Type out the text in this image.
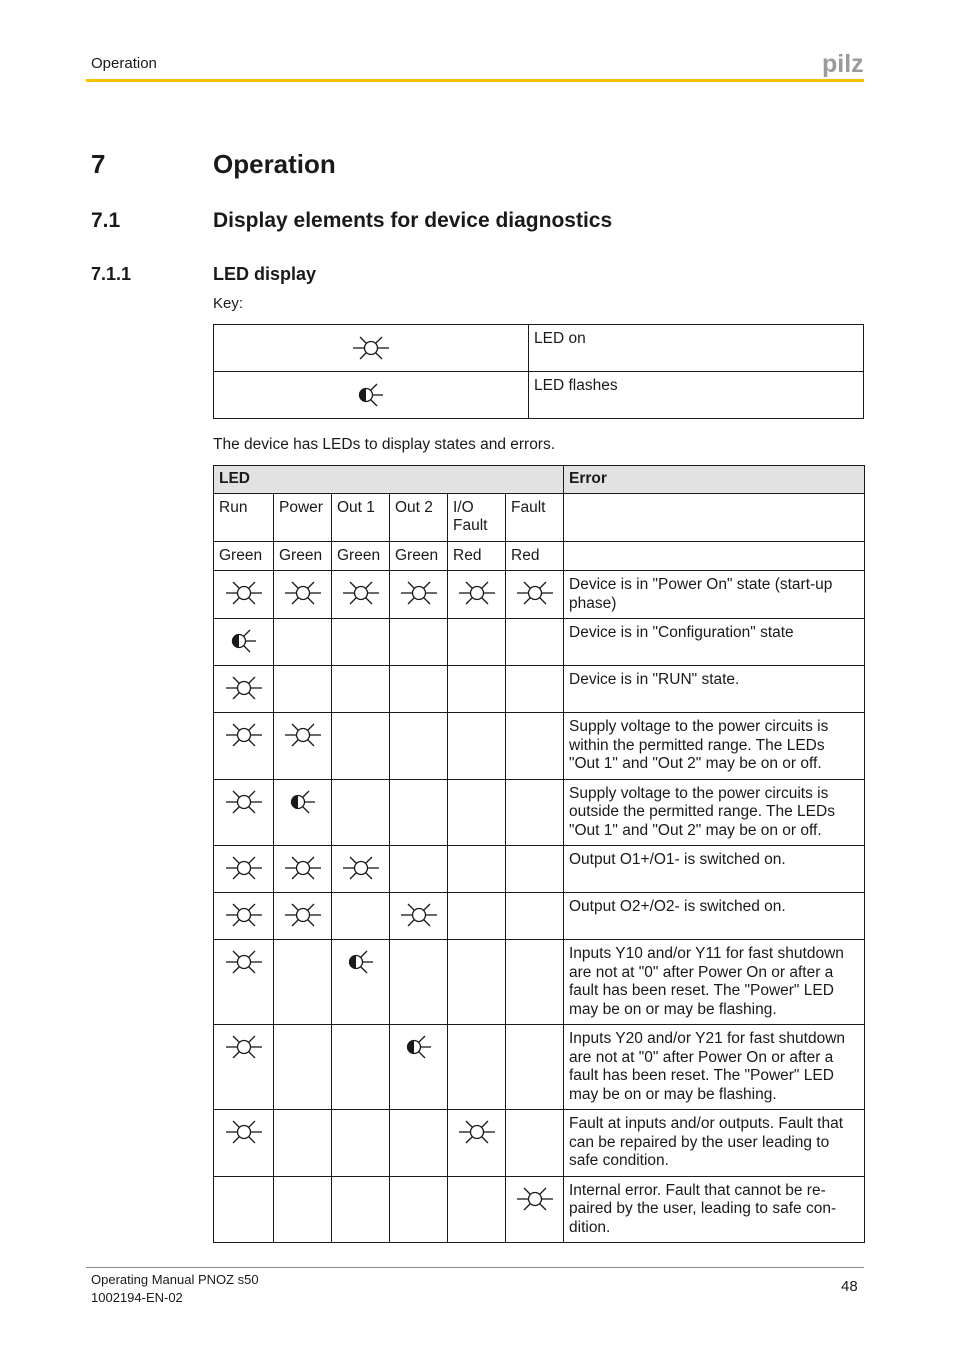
Operation	pilz
7	Operation
7.1	Display elements for device diagnostics
7.1.1	LED display
Key:
	LED on
	LED flashes
The device has LEDs to display states and errors.
LED						Error
Run	Power	Out 1	Out 2	I/O Fault	Fault	
Green	Green	Green	Green	Red	Red	
						Device is in "Power On" state (start-up phase)
						Device is in "Configuration" state
						Device is in "RUN" state.
						Supply voltage to the power circuits is within the permitted range. The LEDs "Out 1" and "Out 2" may be on or off.
						Supply voltage to the power circuits is outside the permitted range. The LEDs "Out 1" and "Out 2" may be on or off.
						Output O1+/O1- is switched on.
						Output O2+/O2- is switched on.
						Inputs Y10 and/or Y11 for fast shutdown are not at "0" after Power On or after a fault has been reset. The "Power" LED may be on or may be flashing.
						Inputs Y20 and/or Y21 for fast shutdown are not at "0" after Power On or after a fault has been reset. The "Power" LED may be on or may be flashing.
						Fault at inputs and/or outputs. Fault that can be repaired by the user leading to safe condition.
						Internal error. Fault that cannot be re-paired by the user, leading to safe con-dition.
Operating Manual PNOZ s50
1002194-EN-02
48
